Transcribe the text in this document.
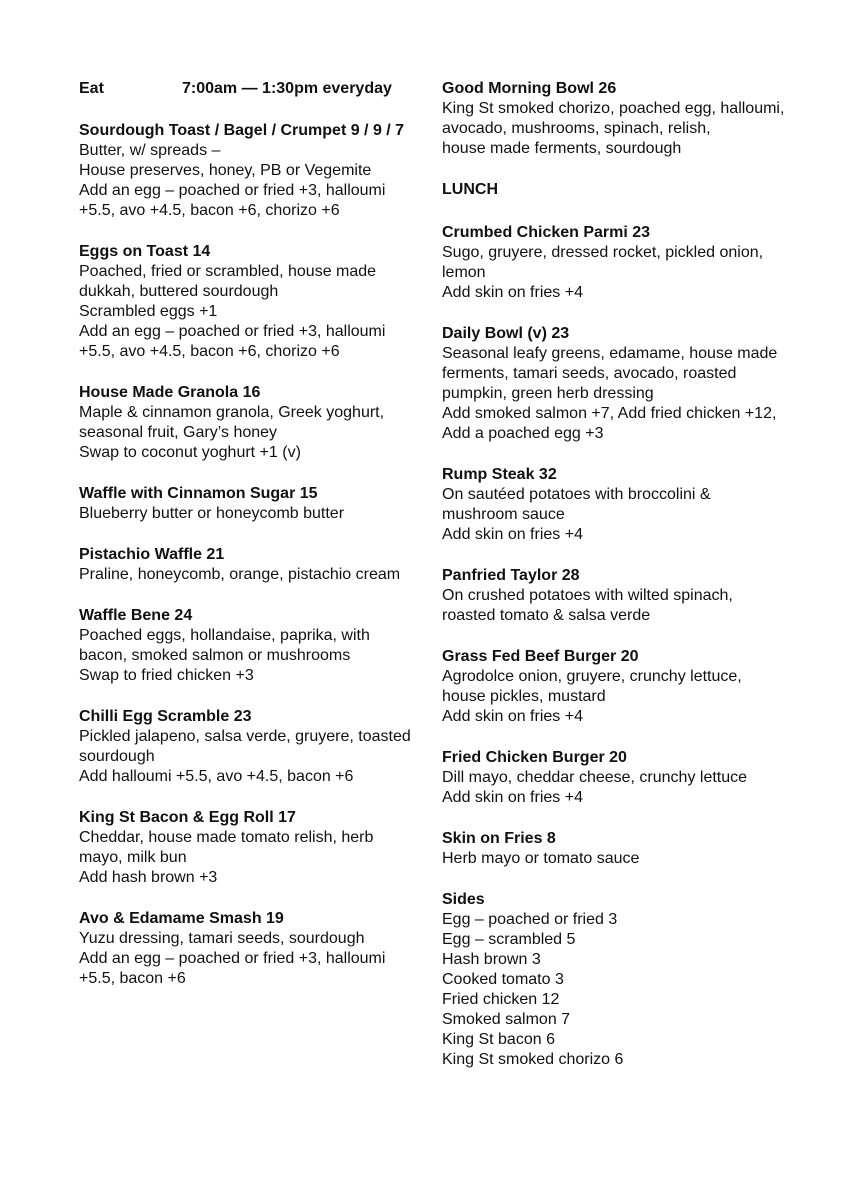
Eat	7:00am — 1:30pm everyday
Sourdough Toast / Bagel / Crumpet 9 / 9 / 7
Butter, w/ spreads –
House preserves, honey, PB or Vegemite
Add an egg – poached or fried +3, halloumi +5.5, avo +4.5, bacon +6, chorizo +6
Eggs on Toast 14
Poached, fried or scrambled, house made dukkah, buttered sourdough
Scrambled eggs +1
Add an egg – poached or fried +3, halloumi +5.5, avo +4.5, bacon +6, chorizo +6
House Made Granola 16
Maple & cinnamon granola, Greek yoghurt, seasonal fruit, Gary’s honey
Swap to coconut yoghurt +1 (v)
Waffle with Cinnamon Sugar 15
Blueberry butter or honeycomb butter
Pistachio Waffle 21
Praline, honeycomb, orange, pistachio cream
Waffle Bene 24
Poached eggs, hollandaise, paprika, with bacon, smoked salmon or mushrooms
Swap to fried chicken +3
Chilli Egg Scramble 23
Pickled jalapeno, salsa verde, gruyere, toasted sourdough
Add halloumi +5.5, avo +4.5, bacon +6
King St Bacon & Egg Roll 17
Cheddar, house made tomato relish, herb mayo, milk bun
Add hash brown +3
Avo & Edamame Smash 19
Yuzu dressing, tamari seeds, sourdough
Add an egg – poached or fried +3, halloumi +5.5, bacon +6
Good Morning Bowl 26
King St smoked chorizo, poached egg, halloumi, avocado, mushrooms, spinach, relish,
house made ferments, sourdough
LUNCH
Crumbed Chicken Parmi 23
Sugo, gruyere, dressed rocket, pickled onion, lemon
Add skin on fries +4
Daily Bowl (v) 23
Seasonal leafy greens, edamame, house made ferments, tamari seeds, avocado, roasted pumpkin, green herb dressing
Add smoked salmon +7, Add fried chicken +12, Add a poached egg +3
Rump Steak 32
On sautéed potatoes with broccolini & mushroom sauce
Add skin on fries +4
Panfried Taylor 28
On crushed potatoes with wilted spinach, roasted tomato & salsa verde
Grass Fed Beef Burger 20
Agrodolce onion, gruyere, crunchy lettuce, house pickles, mustard
Add skin on fries +4
Fried Chicken Burger 20
Dill mayo, cheddar cheese, crunchy lettuce
Add skin on fries +4
Skin on Fries 8
Herb mayo or tomato sauce
Sides
Egg – poached or fried 3
Egg – scrambled 5
Hash brown 3
Cooked tomato 3
Fried chicken 12
Smoked salmon 7
King St bacon 6
King St smoked chorizo 6
